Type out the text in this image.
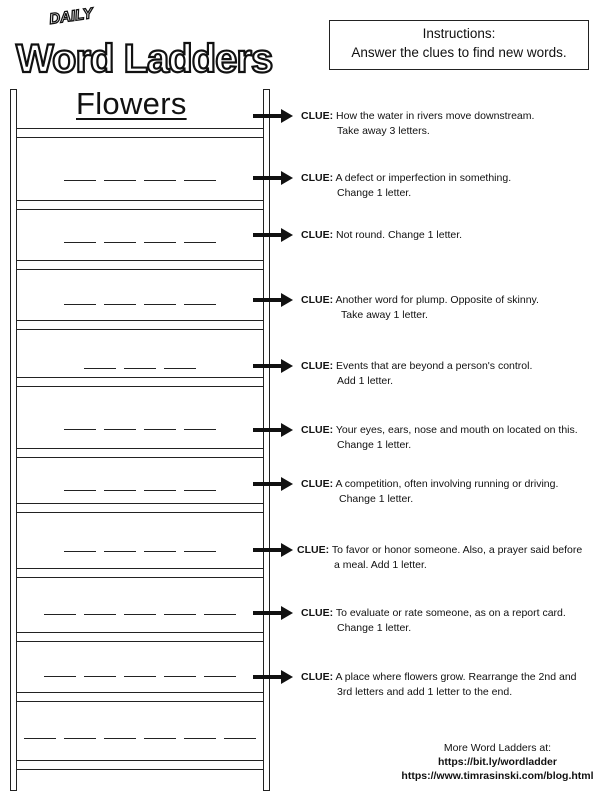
DAILY
Word Ladders
Instructions:
Answer the clues to find new words.
Flowers
More Word Ladders at:
https://bit.ly/wordladder
https://www.timrasinski.com/blog.html
CLUE: How the water in rivers move downstream.
Take away 3 letters.
CLUE: A defect or imperfection in something.
Change 1 letter.
CLUE: Not round. Change 1 letter.
CLUE: Another word for plump. Opposite of skinny.
Take away 1 letter.
CLUE: Events that are beyond a person's control.
Add 1 letter.
CLUE: Your eyes, ears, nose and mouth on located on this.
Change 1 letter.
CLUE: A competition, often involving running or driving.
Change 1 letter.
CLUE: To favor or honor someone. Also, a prayer said before
a meal. Add 1 letter.
CLUE: To evaluate or rate someone, as on a report card.
Change 1 letter.
CLUE: A place where flowers grow. Rearrange the 2nd and
3rd letters and add 1 letter to the end.
